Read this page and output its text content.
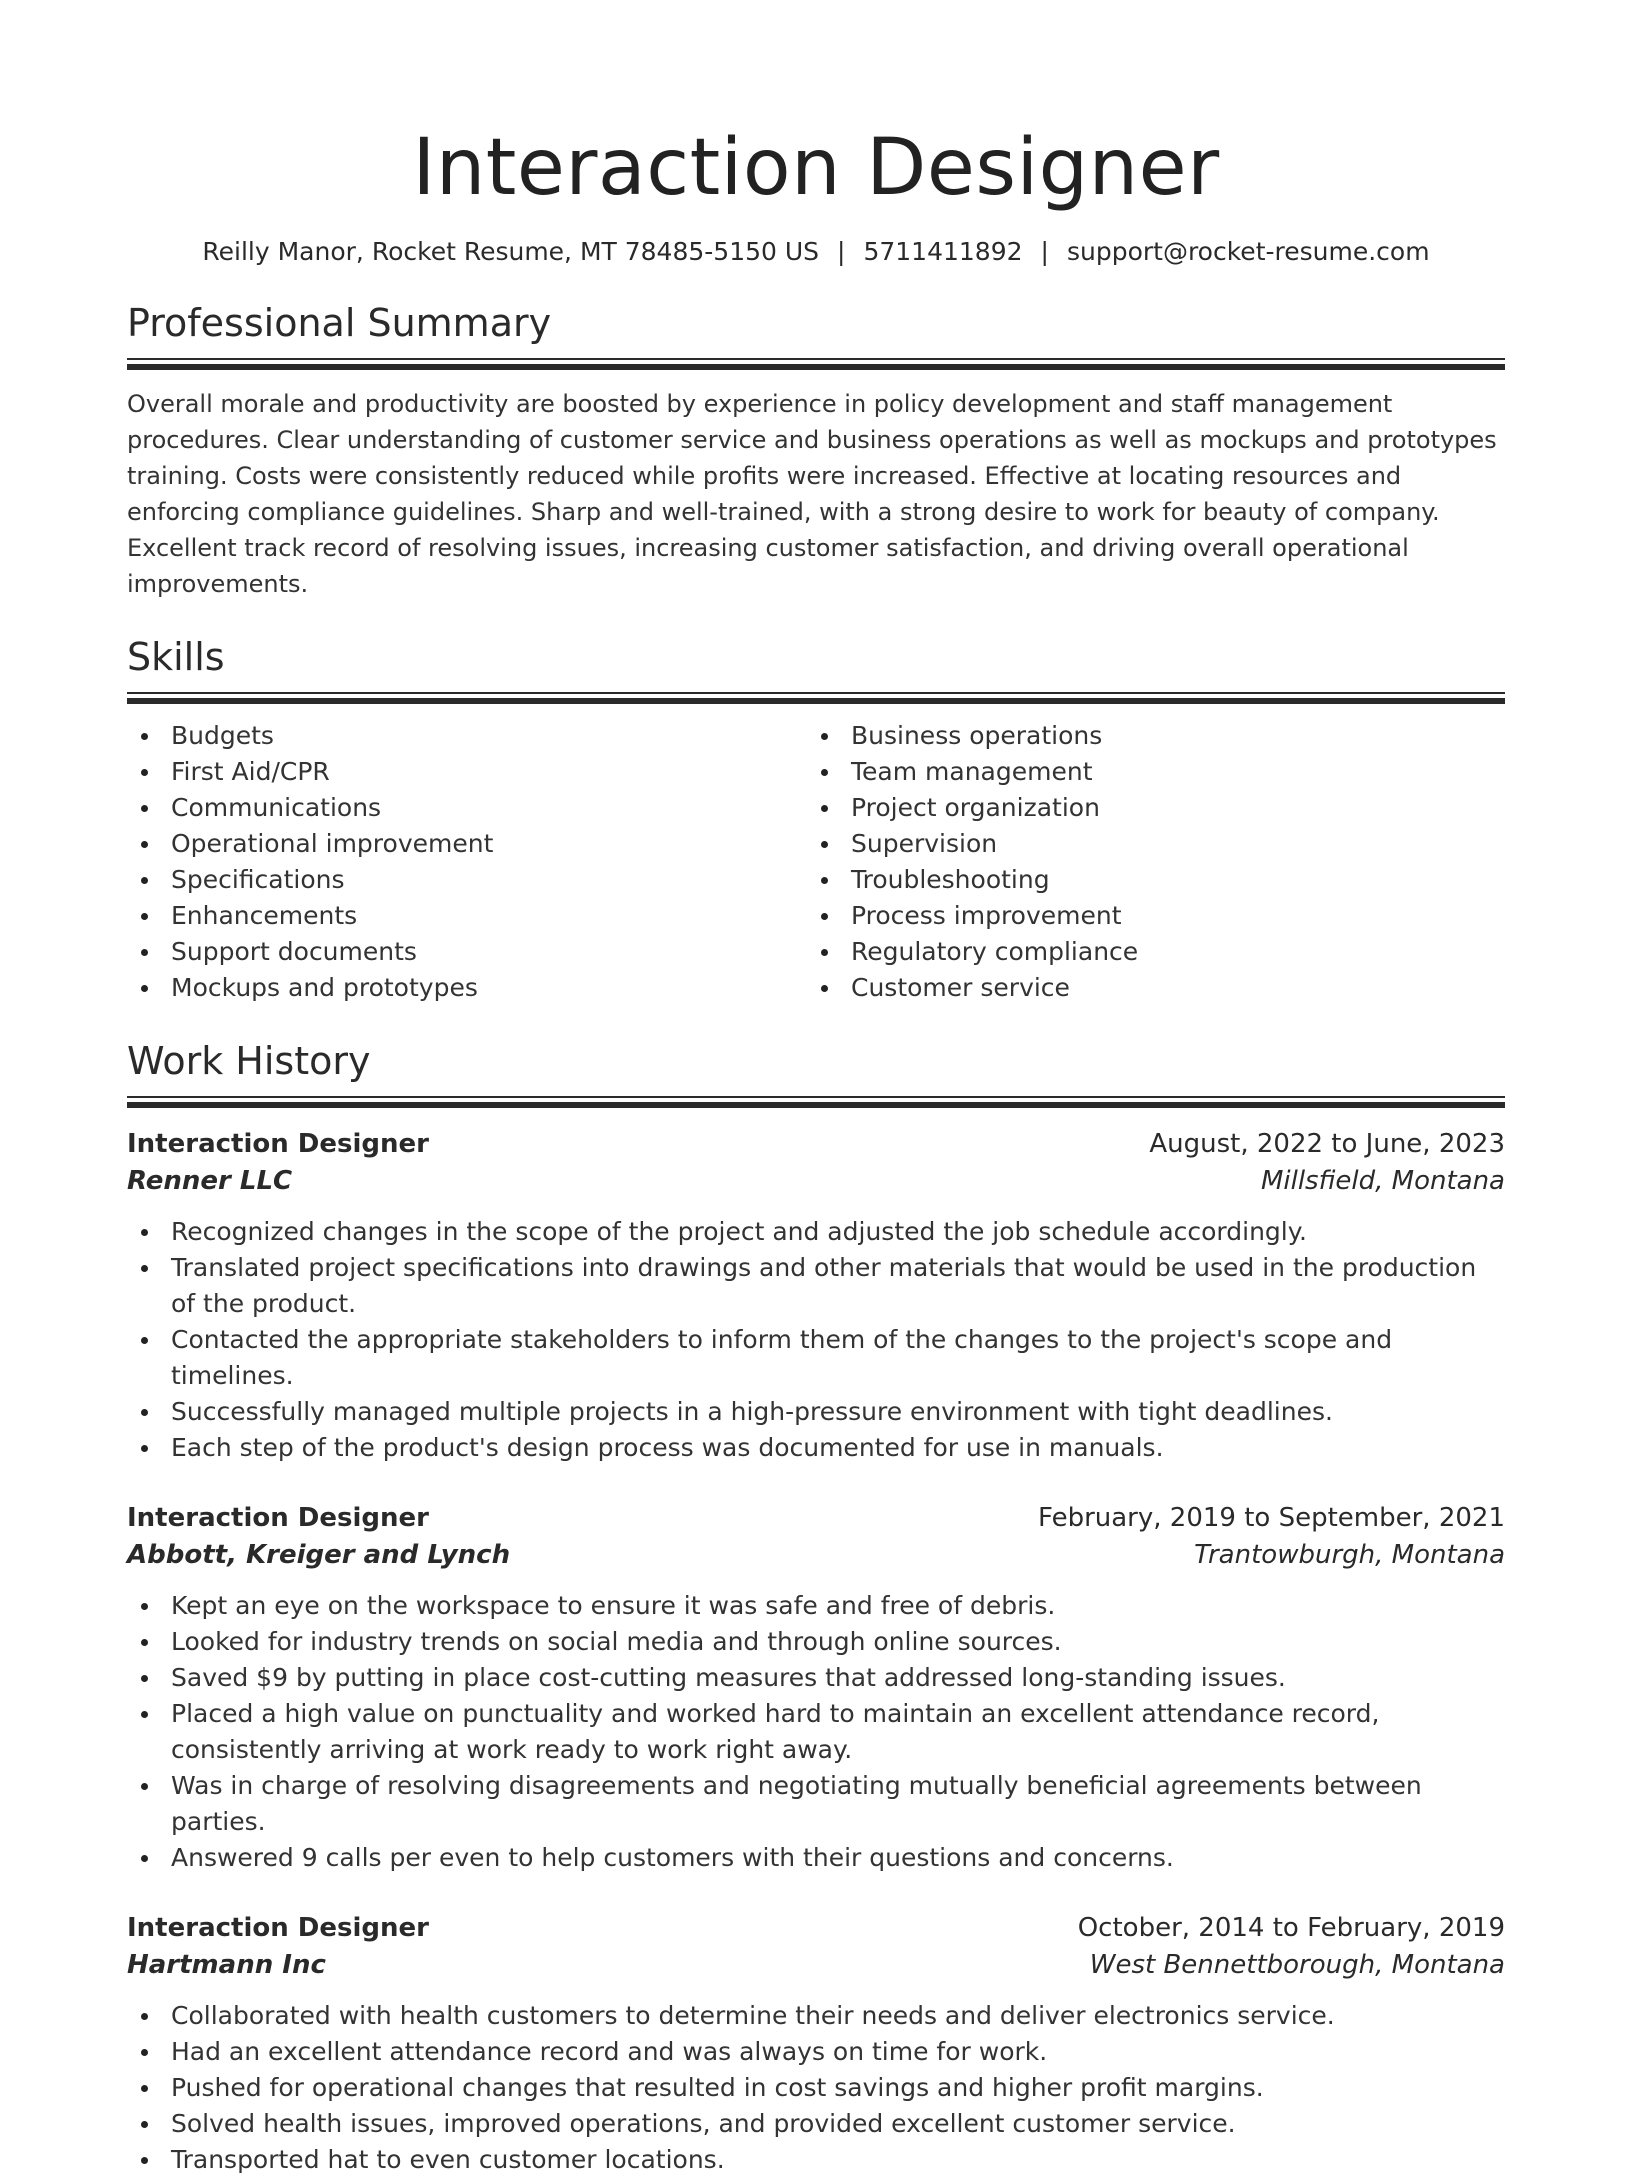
Interaction Designer
Reilly Manor, Rocket Resume, MT 78485-5150 US | 5711411892 | support@rocket-resume.com
Professional Summary
Overall morale and productivity are boosted by experience in policy development and staff management procedures. Clear understanding of customer service and business operations as well as mockups and prototypes training. Costs were consistently reduced while profits were increased. Effective at locating resources and enforcing compliance guidelines. Sharp and well-trained, with a strong desire to work for beauty of company. Excellent track record of resolving issues, increasing customer satisfaction, and driving overall operational improvements.
Skills
Budgets
First Aid/CPR
Communications
Operational improvement
Specifications
Enhancements
Support documents
Mockups and prototypes
Business operations
Team management
Project organization
Supervision
Troubleshooting
Process improvement
Regulatory compliance
Customer service
Work History
Interaction Designer	August, 2022 to June, 2023
Renner LLC	Millsfield, Montana
Recognized changes in the scope of the project and adjusted the job schedule accordingly.
Translated project specifications into drawings and other materials that would be used in the production of the product.
Contacted the appropriate stakeholders to inform them of the changes to the project's scope and timelines.
Successfully managed multiple projects in a high-pressure environment with tight deadlines.
Each step of the product's design process was documented for use in manuals.
Interaction Designer	February, 2019 to September, 2021
Abbott, Kreiger and Lynch	Trantowburgh, Montana
Kept an eye on the workspace to ensure it was safe and free of debris.
Looked for industry trends on social media and through online sources.
Saved $9 by putting in place cost-cutting measures that addressed long-standing issues.
Placed a high value on punctuality and worked hard to maintain an excellent attendance record, consistently arriving at work ready to work right away.
Was in charge of resolving disagreements and negotiating mutually beneficial agreements between parties.
Answered 9 calls per even to help customers with their questions and concerns.
Interaction Designer	October, 2014 to February, 2019
Hartmann Inc	West Bennettborough, Montana
Collaborated with health customers to determine their needs and deliver electronics service.
Had an excellent attendance record and was always on time for work.
Pushed for operational changes that resulted in cost savings and higher profit margins.
Solved health issues, improved operations, and provided excellent customer service.
Transported hat to even customer locations.
